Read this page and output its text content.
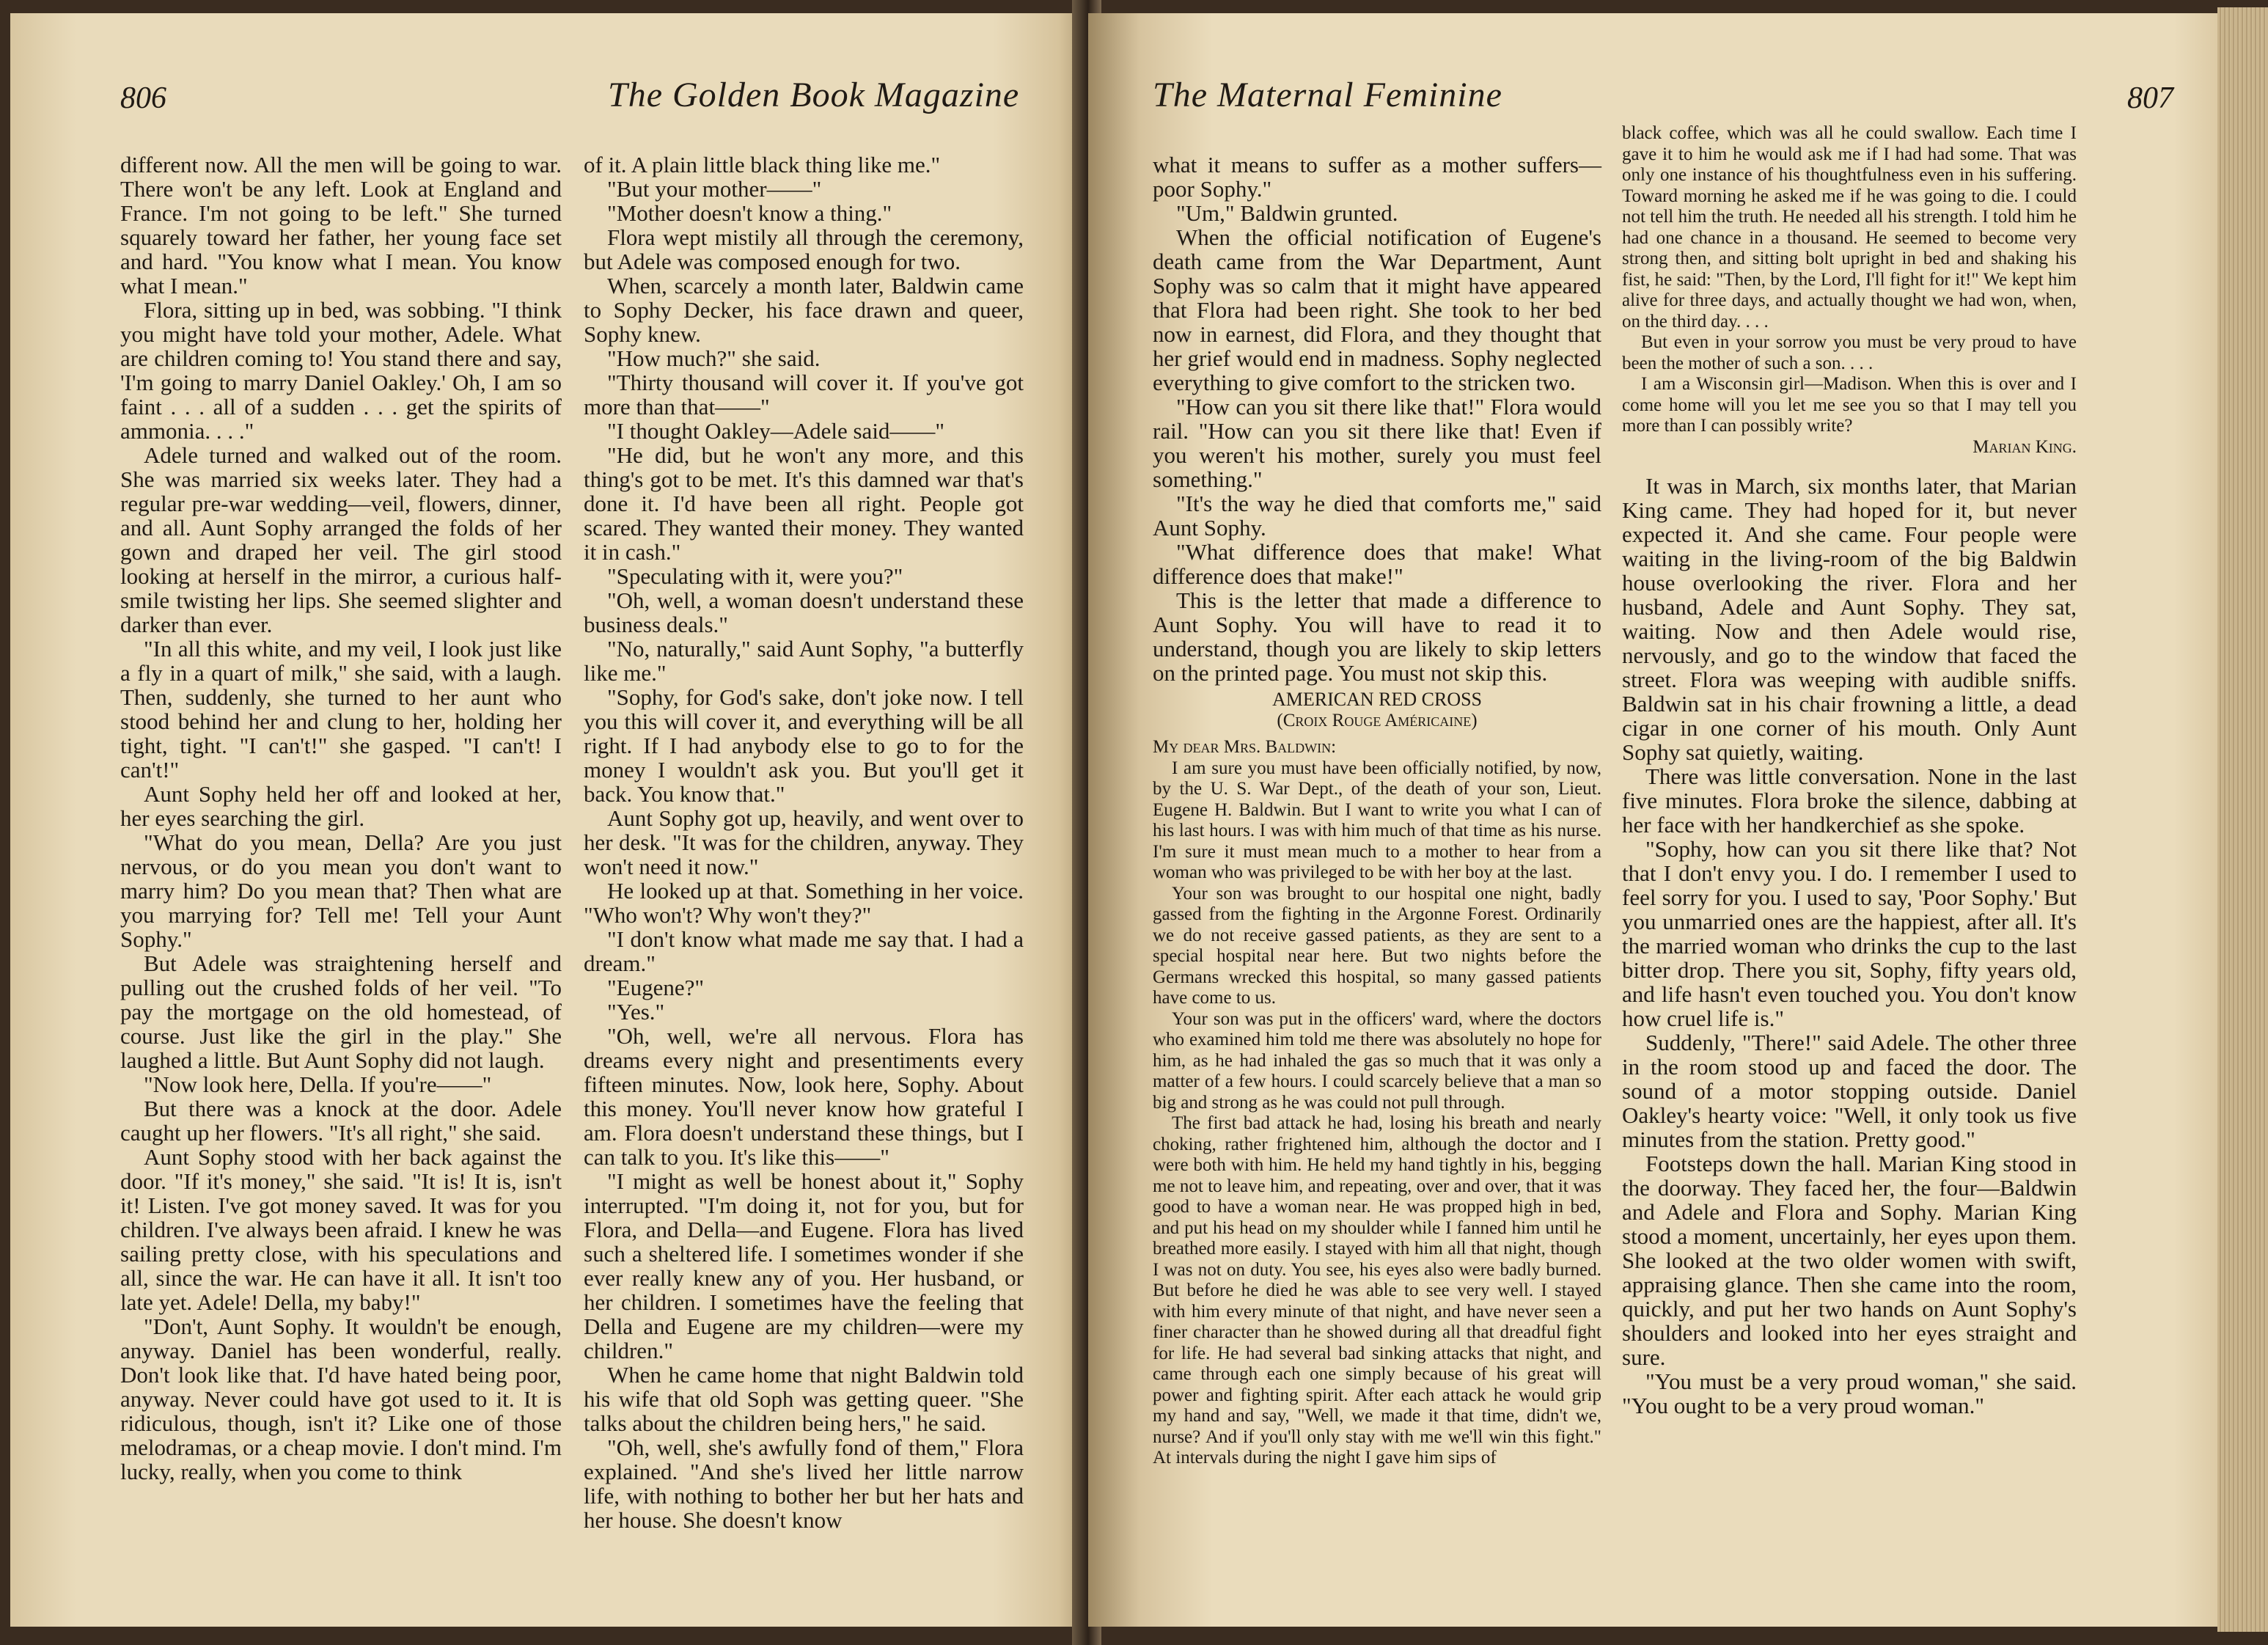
806	The Golden Book Magazine

different now. All the men will be going to war. There won't be any left. Look at England and France. I'm not going to be left." She turned squarely toward her father, her young face set and hard. "You know what I mean. You know what I mean."

Flora, sitting up in bed, was sobbing. "I think you might have told your mother, Adele. What are children coming to! You stand there and say, 'I'm going to marry Daniel Oakley.' Oh, I am so faint . . . all of a sudden . . . get the spirits of ammonia. . . ."

Adele turned and walked out of the room. She was married six weeks later. They had a regular pre-war wedding—veil, flowers, dinner, and all. Aunt Sophy arranged the folds of her gown and draped her veil. The girl stood looking at herself in the mirror, a curious half-smile twisting her lips. She seemed slighter and darker than ever.

"In all this white, and my veil, I look just like a fly in a quart of milk," she said, with a laugh. Then, suddenly, she turned to her aunt who stood behind her and clung to her, holding her tight, tight. "I can't!" she gasped. "I can't! I can't!"

Aunt Sophy held her off and looked at her, her eyes searching the girl.

"What do you mean, Della? Are you just nervous, or do you mean you don't want to marry him? Do you mean that? Then what are you marrying for? Tell me! Tell your Aunt Sophy."

But Adele was straightening herself and pulling out the crushed folds of her veil. "To pay the mortgage on the old homestead, of course. Just like the girl in the play." She laughed a little. But Aunt Sophy did not laugh.

"Now look here, Della. If you're——"

But there was a knock at the door. Adele caught up her flowers. "It's all right," she said.

Aunt Sophy stood with her back against the door. "If it's money," she said. "It is! It is, isn't it! Listen. I've got money saved. It was for you children. I've always been afraid. I knew he was sailing pretty close, with his speculations and all, since the war. He can have it all. It isn't too late yet. Adele! Della, my baby!"

"Don't, Aunt Sophy. It wouldn't be enough, anyway. Daniel has been wonderful, really. Don't look like that. I'd have hated being poor, anyway. Never could have got used to it. It is ridiculous, though, isn't it? Like one of those melodramas, or a cheap movie. I don't mind. I'm lucky, really, when you come to think

of it. A plain little black thing like me."

"But your mother——"

"Mother doesn't know a thing."

Flora wept mistily all through the ceremony, but Adele was composed enough for two.

When, scarcely a month later, Baldwin came to Sophy Decker, his face drawn and queer, Sophy knew.

"How much?" she said.

"Thirty thousand will cover it. If you've got more than that——"

"I thought Oakley—Adele said——"

"He did, but he won't any more, and this thing's got to be met. It's this damned war that's done it. I'd have been all right. People got scared. They wanted their money. They wanted it in cash."

"Speculating with it, were you?"

"Oh, well, a woman doesn't understand these business deals."

"No, naturally," said Aunt Sophy, "a butterfly like me."

"Sophy, for God's sake, don't joke now. I tell you this will cover it, and everything will be all right. If I had anybody else to go to for the money I wouldn't ask you. But you'll get it back. You know that."

Aunt Sophy got up, heavily, and went over to her desk. "It was for the children, anyway. They won't need it now."

He looked up at that. Something in her voice. "Who won't? Why won't they?"

"I don't know what made me say that. I had a dream."

"Eugene?"

"Yes."

"Oh, well, we're all nervous. Flora has dreams every night and presentiments every fifteen minutes. Now, look here, Sophy. About this money. You'll never know how grateful I am. Flora doesn't understand these things, but I can talk to you. It's like this——"

"I might as well be honest about it," Sophy interrupted. "I'm doing it, not for you, but for Flora, and Della—and Eugene. Flora has lived such a sheltered life. I sometimes wonder if she ever really knew any of you. Her husband, or her children. I sometimes have the feeling that Della and Eugene are my children—were my children."

When he came home that night Baldwin told his wife that old Soph was getting queer. "She talks about the children being hers," he said.

"Oh, well, she's awfully fond of them," Flora explained. "And she's lived her little narrow life, with nothing to bother her but her hats and her house. She doesn't know

The Maternal Feminine	807

what it means to suffer as a mother suffers—poor Sophy."

"Um," Baldwin grunted.

When the official notification of Eugene's death came from the War Department, Aunt Sophy was so calm that it might have appeared that Flora had been right. She took to her bed now in earnest, did Flora, and they thought that her grief would end in madness. Sophy neglected everything to give comfort to the stricken two.

"How can you sit there like that!" Flora would rail. "How can you sit there like that! Even if you weren't his mother, surely you must feel something."

"It's the way he died that comforts me," said Aunt Sophy.

"What difference does that make! What difference does that make!"

This is the letter that made a difference to Aunt Sophy. You will have to read it to understand, though you are likely to skip letters on the printed page. You must not skip this.

AMERICAN RED CROSS

(Croix Rouge Américaine)

My dear Mrs. Baldwin:

I am sure you must have been officially notified, by now, by the U. S. War Dept., of the death of your son, Lieut. Eugene H. Baldwin. But I want to write you what I can of his last hours. I was with him much of that time as his nurse. I'm sure it must mean much to a mother to hear from a woman who was privileged to be with her boy at the last.

Your son was brought to our hospital one night, badly gassed from the fighting in the Argonne Forest. Ordinarily we do not receive gassed patients, as they are sent to a special hospital near here. But two nights before the Germans wrecked this hospital, so many gassed patients have come to us.

Your son was put in the officers' ward, where the doctors who examined him told me there was absolutely no hope for him, as he had inhaled the gas so much that it was only a matter of a few hours. I could scarcely believe that a man so big and strong as he was could not pull through.

The first bad attack he had, losing his breath and nearly choking, rather frightened him, although the doctor and I were both with him. He held my hand tightly in his, begging me not to leave him, and repeating, over and over, that it was good to have a woman near. He was propped high in bed, and put his head on my shoulder while I fanned him until he breathed more easily. I stayed with him all that night, though I was not on duty. You see, his eyes also were badly burned. But before he died he was able to see very well. I stayed with him every minute of that night, and have never seen a finer character than he showed during all that dreadful fight for life. He had several bad sinking attacks that night, and came through each one simply because of his great will power and fighting spirit. After each attack he would grip my hand and say, "Well, we made it that time, didn't we, nurse? And if you'll only stay with me we'll win this fight." At intervals during the night I gave him sips of

black coffee, which was all he could swallow. Each time I gave it to him he would ask me if I had had some. That was only one instance of his thoughtfulness even in his suffering. Toward morning he asked me if he was going to die. I could not tell him the truth. He needed all his strength. I told him he had one chance in a thousand. He seemed to become very strong then, and sitting bolt upright in bed and shaking his fist, he said: "Then, by the Lord, I'll fight for it!" We kept him alive for three days, and actually thought we had won, when, on the third day. . . .

But even in your sorrow you must be very proud to have been the mother of such a son. . . .

I am a Wisconsin girl—Madison. When this is over and I come home will you let me see you so that I may tell you more than I can possibly write?

Marian King.

It was in March, six months later, that Marian King came. They had hoped for it, but never expected it. And she came. Four people were waiting in the living-room of the big Baldwin house overlooking the river. Flora and her husband, Adele and Aunt Sophy. They sat, waiting. Now and then Adele would rise, nervously, and go to the window that faced the street. Flora was weeping with audible sniffs. Baldwin sat in his chair frowning a little, a dead cigar in one corner of his mouth. Only Aunt Sophy sat quietly, waiting.

There was little conversation. None in the last five minutes. Flora broke the silence, dabbing at her face with her handkerchief as she spoke.

"Sophy, how can you sit there like that? Not that I don't envy you. I do. I remember I used to feel sorry for you. I used to say, 'Poor Sophy.' But you unmarried ones are the happiest, after all. It's the married woman who drinks the cup to the last bitter drop. There you sit, Sophy, fifty years old, and life hasn't even touched you. You don't know how cruel life is."

Suddenly, "There!" said Adele. The other three in the room stood up and faced the door. The sound of a motor stopping outside. Daniel Oakley's hearty voice: "Well, it only took us five minutes from the station. Pretty good."

Footsteps down the hall. Marian King stood in the doorway. They faced her, the four—Baldwin and Adele and Flora and Sophy. Marian King stood a moment, uncertainly, her eyes upon them. She looked at the two older women with swift, appraising glance. Then she came into the room, quickly, and put her two hands on Aunt Sophy's shoulders and looked into her eyes straight and sure.

"You must be a very proud woman," she said. "You ought to be a very proud woman."
